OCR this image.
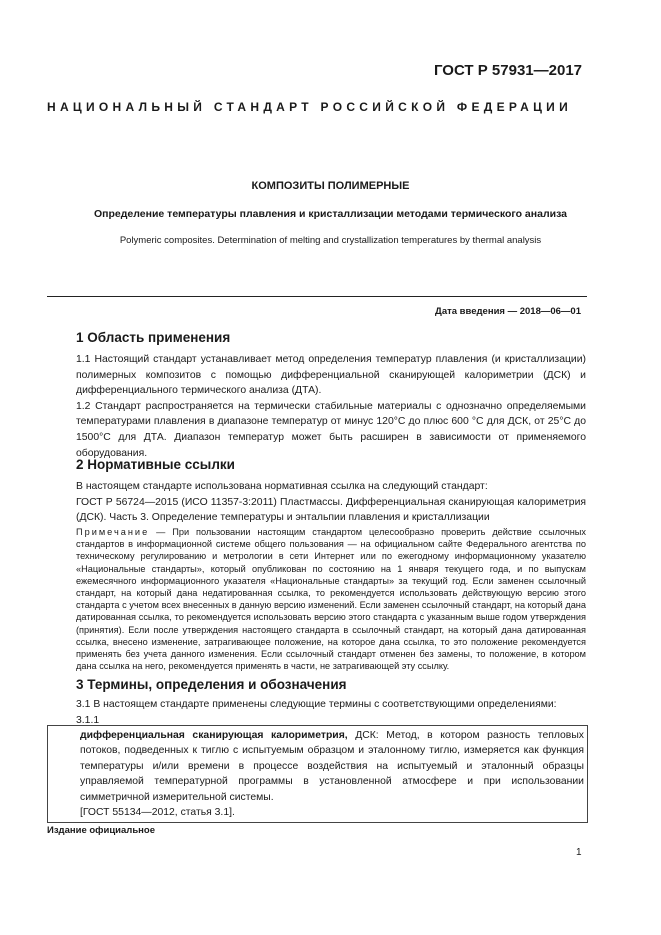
ГОСТ Р 57931—2017
НАЦИОНАЛЬНЫЙ СТАНДАРТ РОССИЙСКОЙ ФЕДЕРАЦИИ
КОМПОЗИТЫ ПОЛИМЕРНЫЕ
Определение температуры плавления и кристаллизации методами термического анализа
Polymeric composites. Determination of melting and crystallization temperatures by thermal analysis
Дата введения — 2018—06—01
1 Область применения
1.1 Настоящий стандарт устанавливает метод определения температур плавления (и кристаллизации) полимерных композитов с помощью дифференциальной сканирующей калориметрии (ДСК) и дифференциального термического анализа (ДТА).
1.2 Стандарт распространяется на термически стабильные материалы с однозначно определяемыми температурами плавления в диапазоне температур от минус 120°С до плюс 600 °С для ДСК, от 25°С до 1500°С для ДТА. Диапазон температур может быть расширен в зависимости от применяемого оборудования.
2 Нормативные ссылки
В настоящем стандарте использована нормативная ссылка на следующий стандарт:
ГОСТ Р 56724—2015 (ИСО 11357-3:2011) Пластмассы. Дифференциальная сканирующая калориметрия (ДСК). Часть 3. Определение температуры и энтальпии плавления и кристаллизации
Примечание — При пользовании настоящим стандартом целесообразно проверить действие ссылочных стандартов в информационной системе общего пользования — на официальном сайте Федерального агентства по техническому регулированию и метрологии в сети Интернет или по ежегодному информационному указателю «Национальные стандарты», который опубликован по состоянию на 1 января текущего года, и по выпускам ежемесячного информационного указателя «Национальные стандарты» за текущий год. Если заменен ссылочный стандарт, на который дана недатированная ссылка, то рекомендуется использовать действующую версию этого стандарта с учетом всех внесенных в данную версию изменений. Если заменен ссылочный стандарт, на который дана датированная ссылка, то рекомендуется использовать версию этого стандарта с указанным выше годом утверждения (принятия). Если после утверждения настоящего стандарта в ссылочный стандарт, на который дана датированная ссылка, внесено изменение, затрагивающее положение, на которое дана ссылка, то это положение рекомендуется применять без учета данного изменения. Если ссылочный стандарт отменен без замены, то положение, в котором дана ссылка на него, рекомендуется применять в части, не затрагивающей эту ссылку.
3 Термины, определения и обозначения
3.1 В настоящем стандарте применены следующие термины с соответствующими определениями:
3.1.1
дифференциальная сканирующая калориметрия, ДСК: Метод, в котором разность тепловых потоков, подведенных к тиглю с испытуемым образцом и эталонному тиглю, измеряется как функция температуры и/или времени в процессе воздействия на испытуемый и эталонный образцы управляемой температурной программы в установленной атмосфере и при использовании симметричной измерительной системы.
[ГОСТ 55134—2012, статья 3.1].
Издание официальное
1
